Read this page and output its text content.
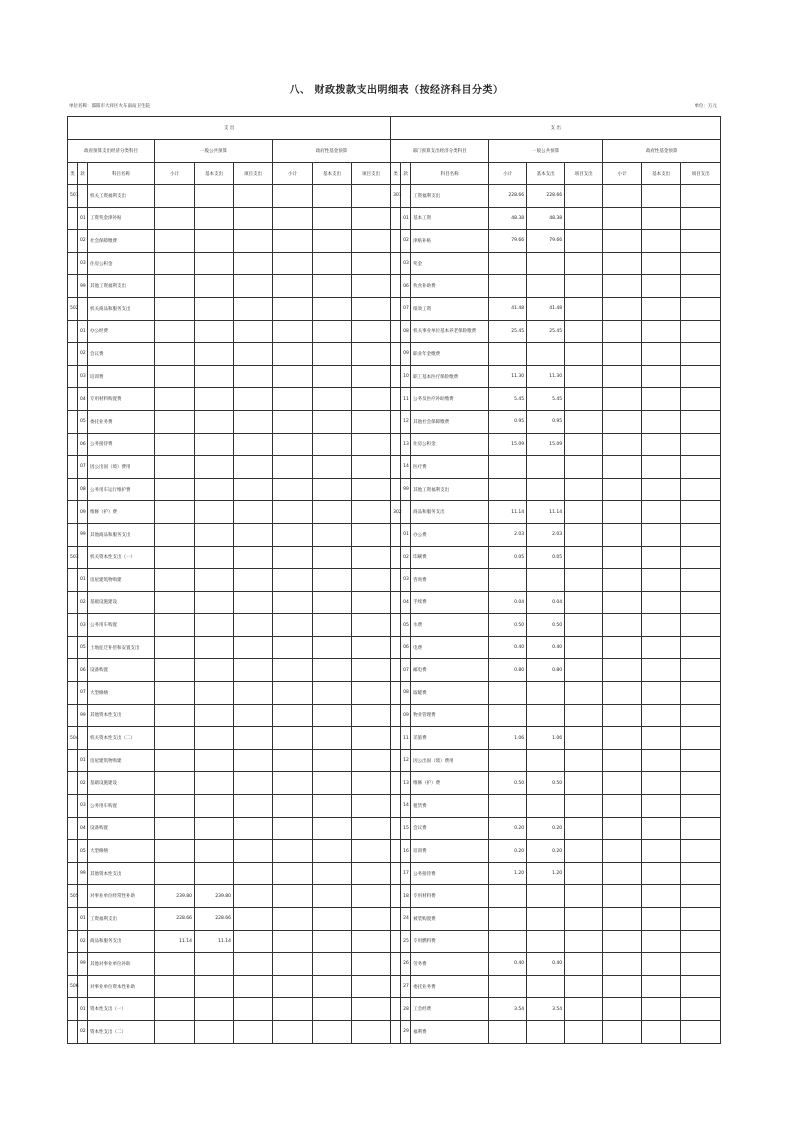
八、 财政拨款支出明细表（按经济科目分类）
单位名称：邵阳市大祥区火车南站卫生院	单位：万元
支 出									支 出								
政府预算支出经济分类科目			一般公共预算			政府性基金预算			部门预算支出经济分类科目			一般公共预算			政府性基金预算		
类	款	科目名称	小计	基本支出	项目支出	小计	基本支出	项目支出	类	款	科目名称	小计	基本支出	项目支出	小计	基本支出	项目支出
501		机关工资福利支出							301		工资福利支出	228.66	228.66				
	01	工资奖金津补贴								01	基本工资	48.38	48.38				
	02	社会保障缴费								02	津贴补贴	79.66	79.66				
	03	住房公积金								03	奖金						
	99	其他工资福利支出								06	伙食补助费						
502		机关商品和服务支出								07	绩效工资	41.48	41.48				
	01	办公经费								08	机关事业单位基本养老保险缴费	25.45	25.45				
	02	会议费								09	职业年金缴费						
	03	培训费								10	职工基本医疗保险缴费	11.30	11.30				
	04	专用材料购置费								11	公务员医疗补助缴费	5.45	5.45				
	05	委托业务费								12	其他社会保障缴费	0.95	0.95				
	06	公务接待费								13	住房公积金	15.09	15.09				
	07	因公出国（境）费用								14	医疗费						
	08	公务用车运行维护费								99	其他工资福利支出						
	09	维修（护）费							302		商品和服务支出	11.14	11.14				
	99	其他商品和服务支出								01	办公费	2.03	2.03				
503		机关资本性支出（一）								02	印刷费	0.05	0.05				
	01	房屋建筑物购建								03	咨询费						
	02	基础设施建设								04	手续费	0.04	0.04				
	03	公务用车购置								05	水费	0.50	0.50				
	05	土地征迁补偿和安置支出								06	电费	0.40	0.40				
	06	设备购置								07	邮电费	0.80	0.80				
	07	大型修缮								08	取暖费						
	99	其他资本性支出								09	物业管理费						
504		机关资本性支出（二）								11	差旅费	1.06	1.06				
	01	房屋建筑物购建								12	因公出国（境）费用						
	02	基础设施建设								13	维修（护）费	0.50	0.50				
	03	公务用车购置								14	租赁费						
	04	设备购置								15	会议费	0.20	0.20				
	05	大型修缮								16	培训费	0.20	0.20				
	99	其他资本性支出								17	公务接待费	1.20	1.20				
505		对事业单位经常性补助	239.80	239.80						18	专用材料费						
	01	工资福利支出	228.66	228.66						24	被装购置费						
	02	商品和服务支出	11.14	11.14						25	专用燃料费						
	99	其他对事业单位补助								26	劳务费	0.40	0.40				
506		对事业单位资本性补助								27	委托业务费						
	01	资本性支出（一）								28	工会经费	3.54	3.54				
	02	资本性支出（二）								29	福利费						
